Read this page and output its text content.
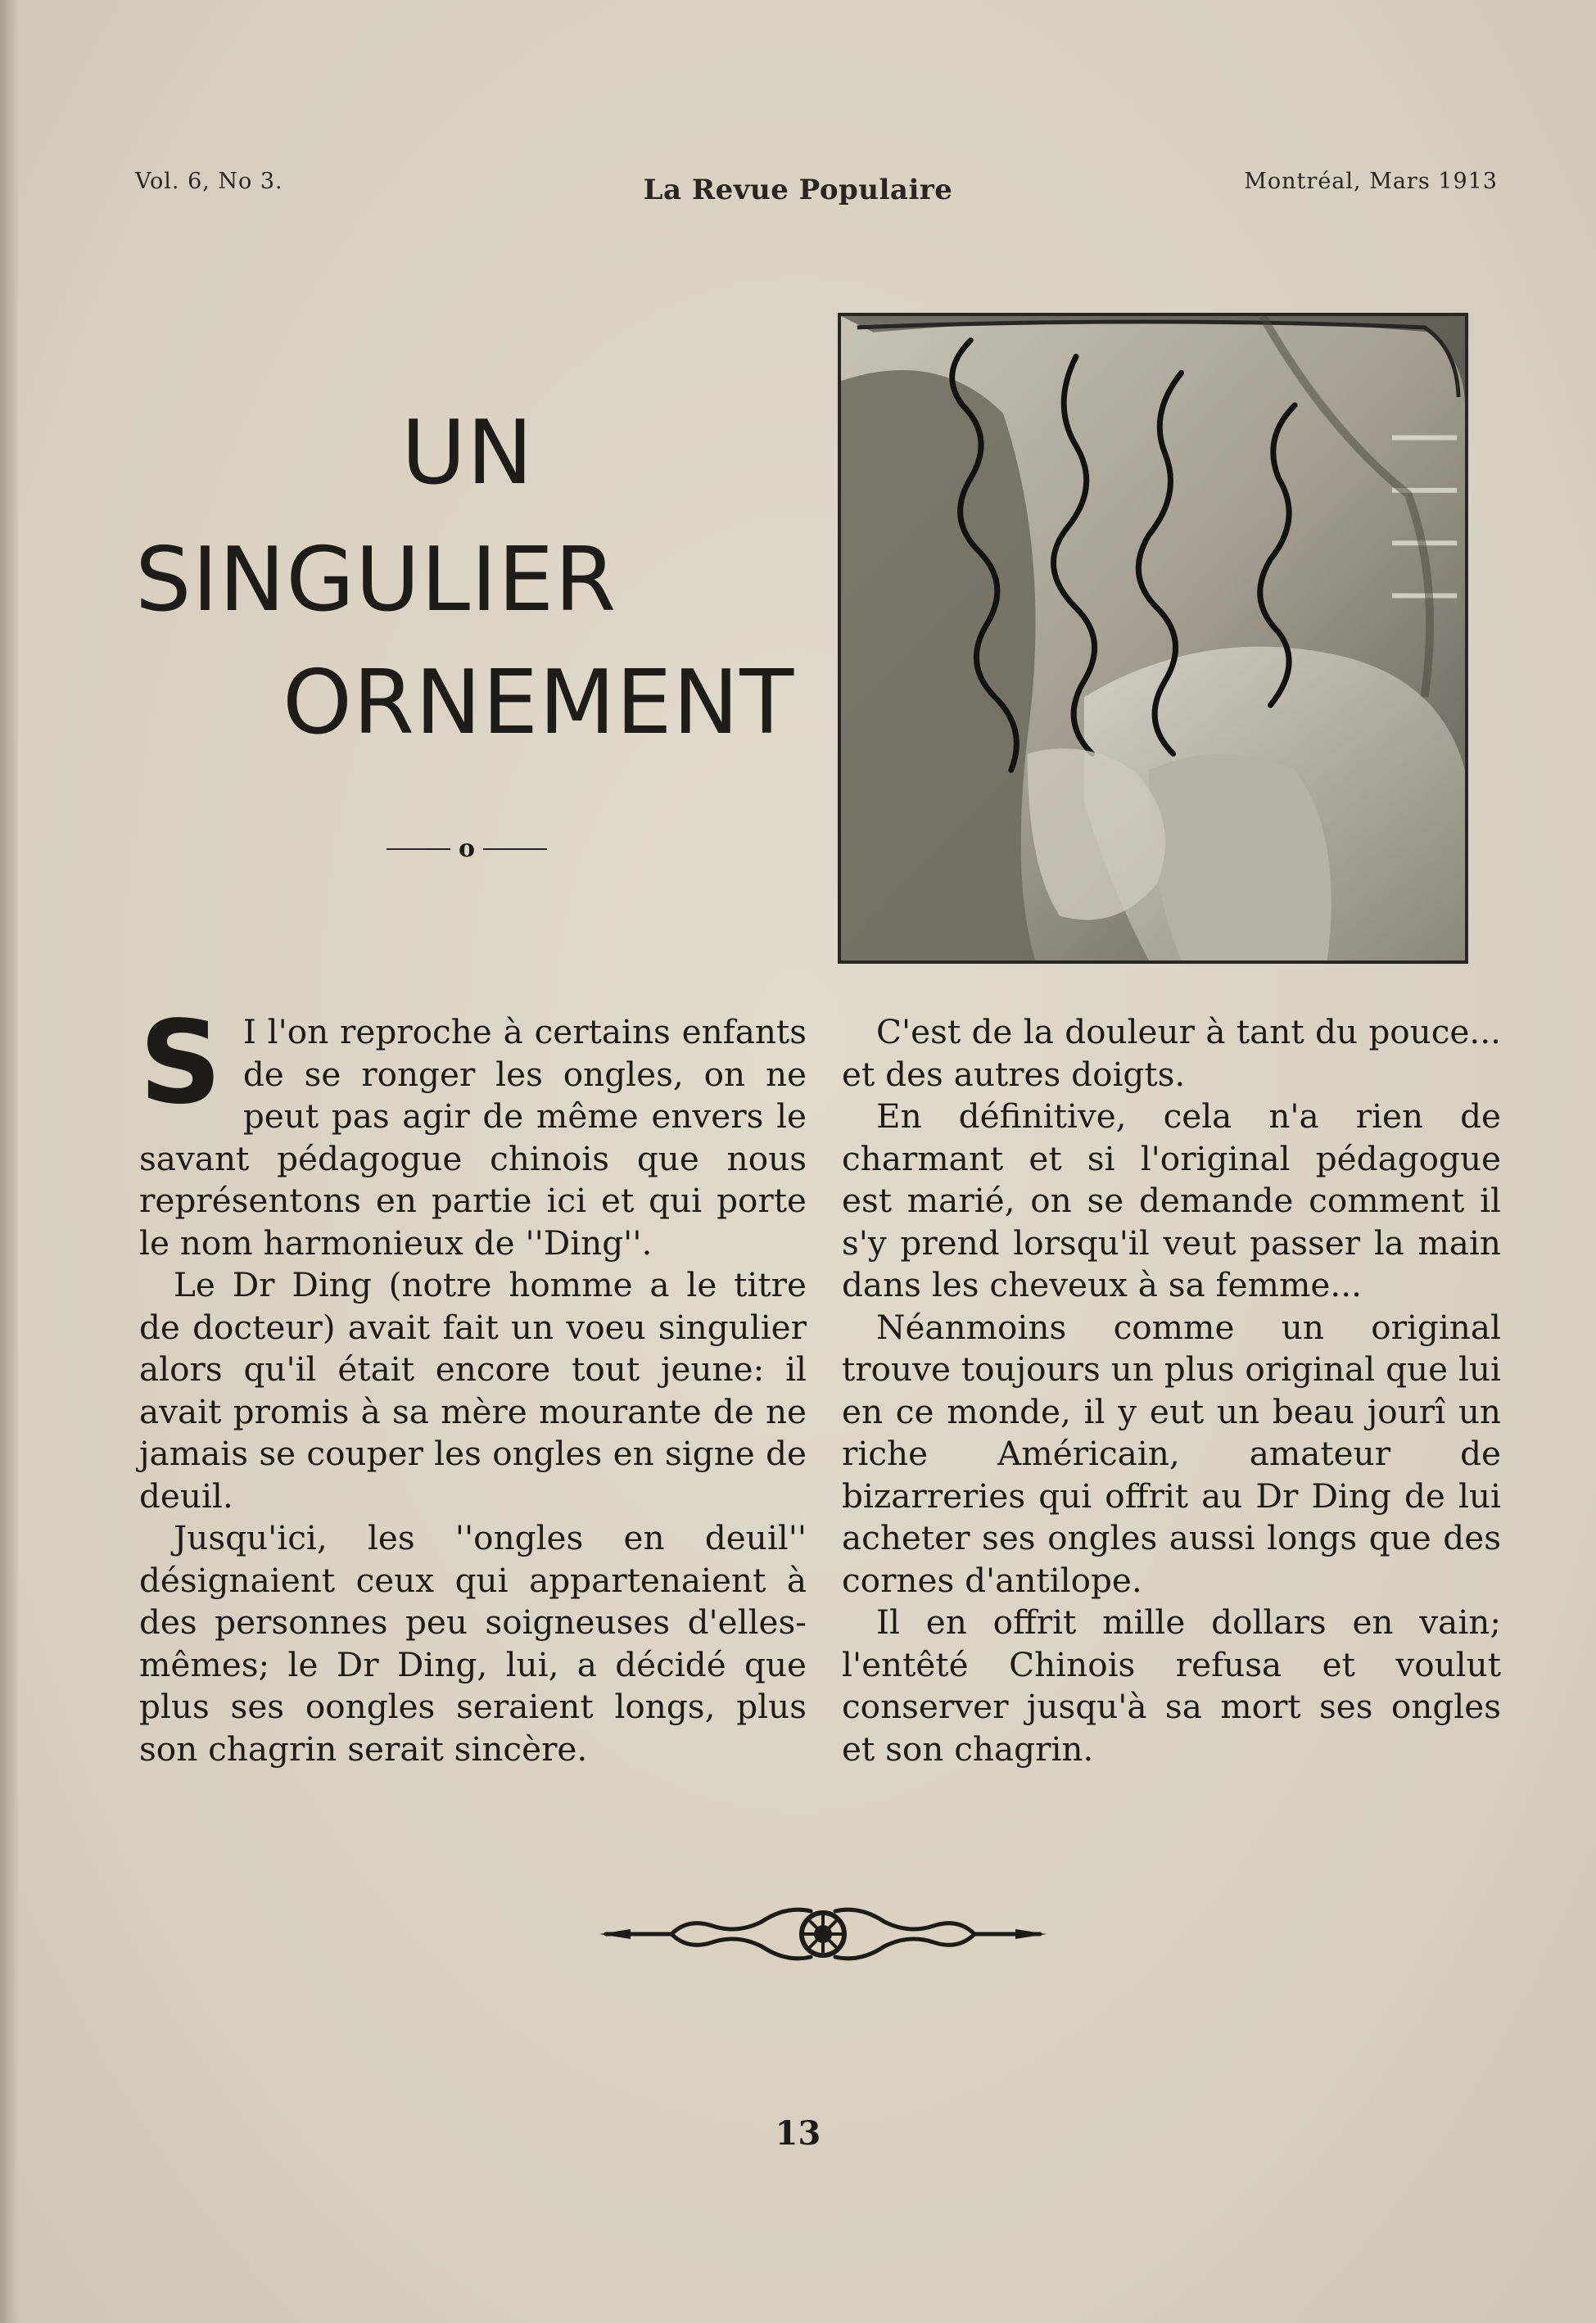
Vol. 6, No 3.	La Revue Populaire	Montréal, Mars 1913
UN
SINGULIER
ORNEMENT
o

S I l'on reproche à certains enfants de se ronger les ongles, on ne peut pas agir de même envers le savant pédagogue chinois que nous représentons en partie ici et qui porte le nom harmonieux de ''Ding''.

Le Dr Ding (notre homme a le titre de docteur) avait fait un voeu singulier alors qu'il était encore tout jeune: il avait promis à sa mère mourante de ne jamais se couper les ongles en signe de deuil.

Jusqu'ici, les ''ongles en deuil'' désignaient ceux qui appartenaient à des personnes peu soigneuses d'elles-mêmes; le Dr Ding, lui, a décidé que plus ses oongles seraient longs, plus son chagrin serait sincère.

C'est de la douleur à tant du pouce... et des autres doigts.

En définitive, cela n'a rien de charmant et si l'original pédagogue est marié, on se demande comment il s'y prend lorsqu'il veut passer la main dans les cheveux à sa femme...

Néanmoins comme un original trouve toujours un plus original que lui en ce monde, il y eut un beau jourî un riche Américain, amateur de bizarreries qui offrit au Dr Ding de lui acheter ses ongles aussi longs que des cornes d'antilope.

Il en offrit mille dollars en vain; l'entêté Chinois refusa et voulut conserver jusqu'à sa mort ses ongles et son chagrin.

13
